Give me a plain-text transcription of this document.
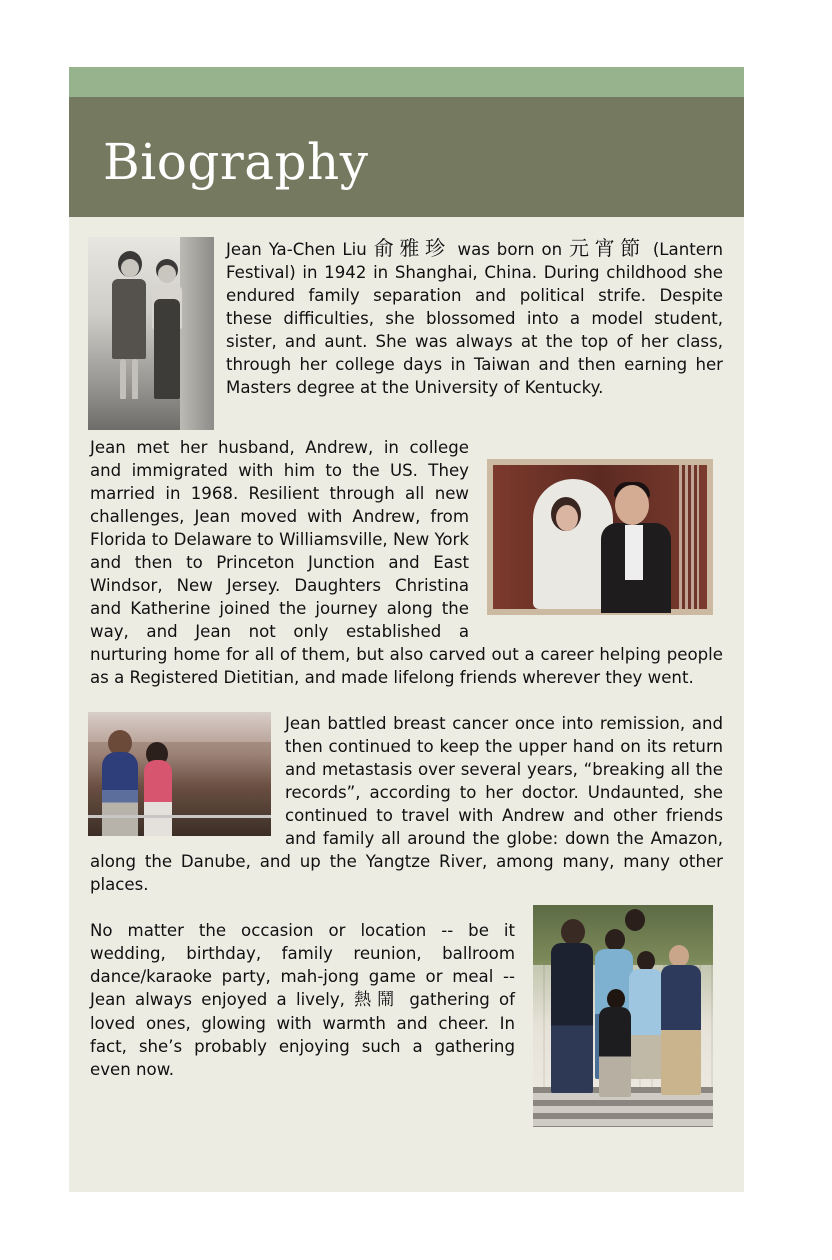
Biography

Jean Ya-Chen Liu 俞雅珍 was born on 元宵節 (Lantern Festival) in 1942 in Shanghai, China. During childhood she endured family separation and political strife. Despite these difficulties, she blossomed into a model student, sister, and aunt. She was always at the top of her class, through her college days in Taiwan and then earning her Masters degree at the University of Kentucky.

Jean met her husband, Andrew, in college and immigrated with him to the US. They married in 1968. Resilient through all new challenges, Jean moved with Andrew, from Florida to Delaware to Williamsville, New York and then to Princeton Junction and East Windsor, New Jersey. Daughters Christina and Katherine joined the journey along the way, and Jean not only established a nurturing home for all of them, but also carved out a career helping people as a Registered Dietitian, and made lifelong friends wherever they went.

Jean battled breast cancer once into remission, and then continued to keep the upper hand on its return and metastasis over several years, “breaking all the records”, according to her doctor. Undaunted, she continued to travel with Andrew and other friends and family all around the globe: down the Amazon, along the Danube, and up the Yangtze River, among many, many other places.

No matter the occasion or location -- be it wedding, birthday, family reunion, ballroom dance/karaoke party, mah-jong game or meal -- Jean always enjoyed a lively, 熱鬧 gathering of loved ones, glowing with warmth and cheer. In fact, she’s probably enjoying such a gathering even now.
